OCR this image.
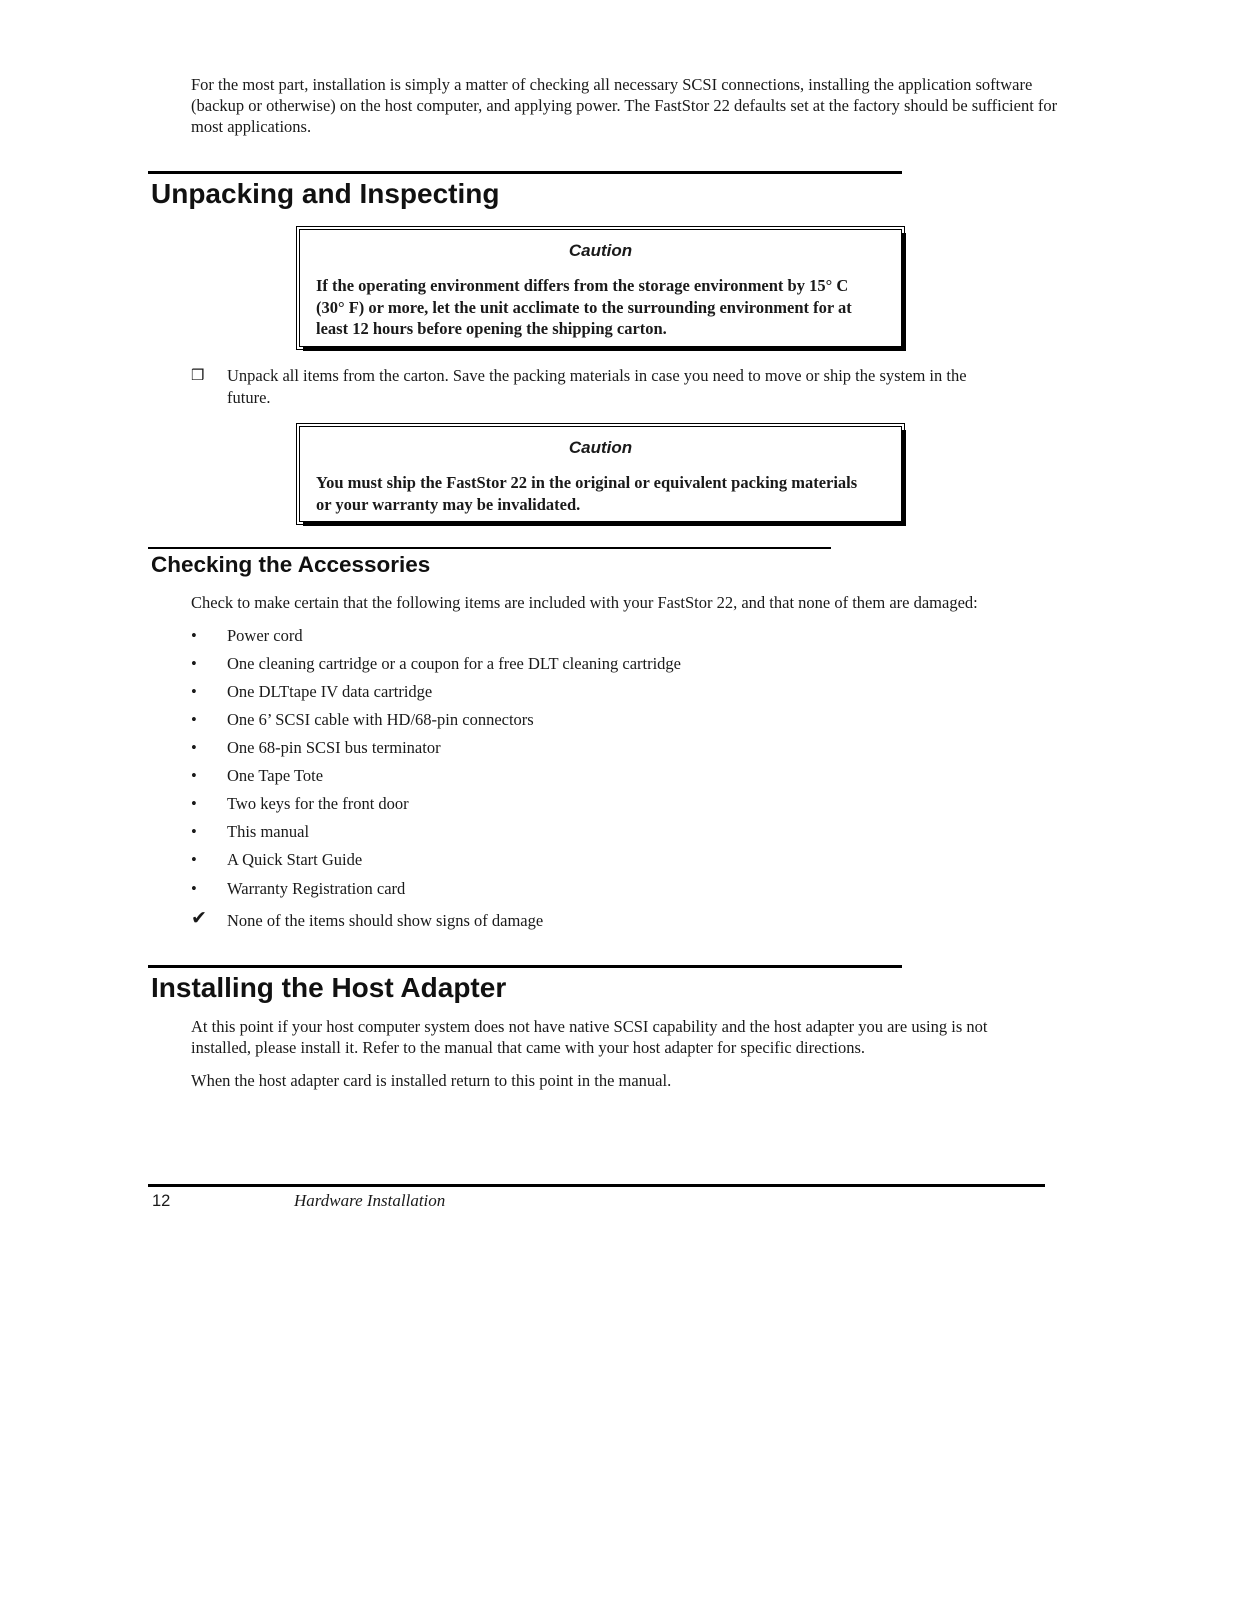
For the most part, installation is simply a matter of checking all necessary SCSI connections, installing the application software (backup or otherwise) on the host computer, and applying power. The FastStor 22 defaults set at the factory should be sufficient for most applications.
Unpacking and Inspecting
Caution
If the operating environment differs from the storage environment by 15° C (30° F) or more, let the unit acclimate to the surrounding environment for at least 12 hours before opening the shipping carton.
❒	Unpack all items from the carton. Save the packing materials in case you need to move or ship the system in the
future.
Caution
You must ship the FastStor 22 in the original or equivalent packing materials or your warranty may be invalidated.
Checking the Accessories
Check to make certain that the following items are included with your FastStor 22, and that none of them are damaged:
•	Power cord
•	One cleaning cartridge or a coupon for a free DLT cleaning cartridge
•	One DLTtape IV data cartridge
•	One 6’ SCSI cable with HD/68-pin connectors
•	One 68-pin SCSI bus terminator
•	One Tape Tote
•	Two keys for the front door
•	This manual
•	A Quick Start Guide
•	Warranty Registration card
✔	None of the items should show signs of damage
Installing the Host Adapter
At this point if your host computer system does not have native SCSI capability and the host adapter you are using is not installed, please install it. Refer to the manual that came with your host adapter for specific directions.
When the host adapter card is installed return to this point in the manual.
12	Hardware Installation
